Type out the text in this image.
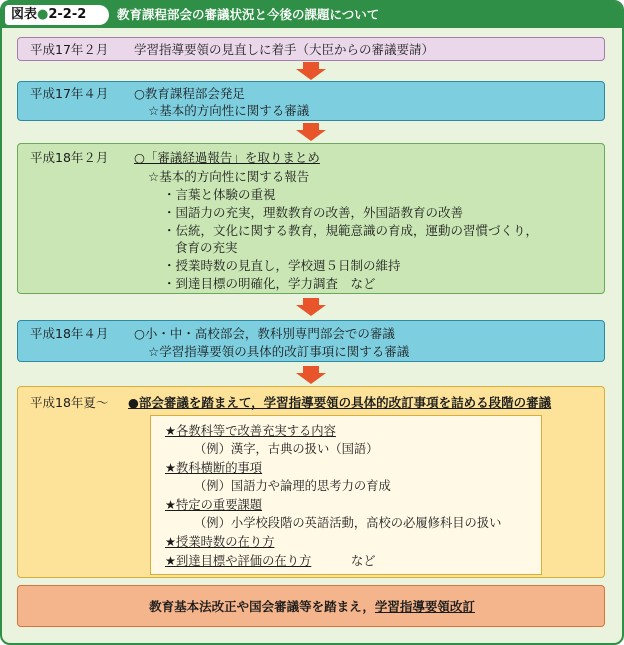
図表●2-2-2	教育課程部会の審議状況と今後の課題について
平成17年２月 学習指導要領の見直しに着手（大臣からの審議要請）
平成17年４月 ○教育課程部会発足
☆基本的方向性に関する審議
平成18年２月 ○「審議経過報告」を取りまとめ
☆基本的方向性に関する報告
・言葉と体験の重視
・国語力の充実，理数教育の改善，外国語教育の改善
・伝統，文化に関する教育，規範意識の育成，運動の習慣づくり，
食育の充実
・授業時数の見直し，学校週５日制の維持
・到達目標の明確化，学力調査　など
平成18年４月 ○小・中・高校部会，教科別専門部会での審議
☆学習指導要領の具体的改訂事項に関する審議
平成18年夏～ ●部会審議を踏まえて，学習指導要領の具体的改訂事項を詰める段階の審議
★各教科等で改善充実する内容
（例）漢字，古典の扱い（国語）
★教科横断的事項
（例）国語力や論理的思考力の育成
★特定の重要課題
（例）小学校段階の英語活動，高校の必履修科目の扱い
★授業時数の在り方
★到達目標や評価の在り方	など
教育基本法改正や国会審議等を踏まえ，学習指導要領改訂
